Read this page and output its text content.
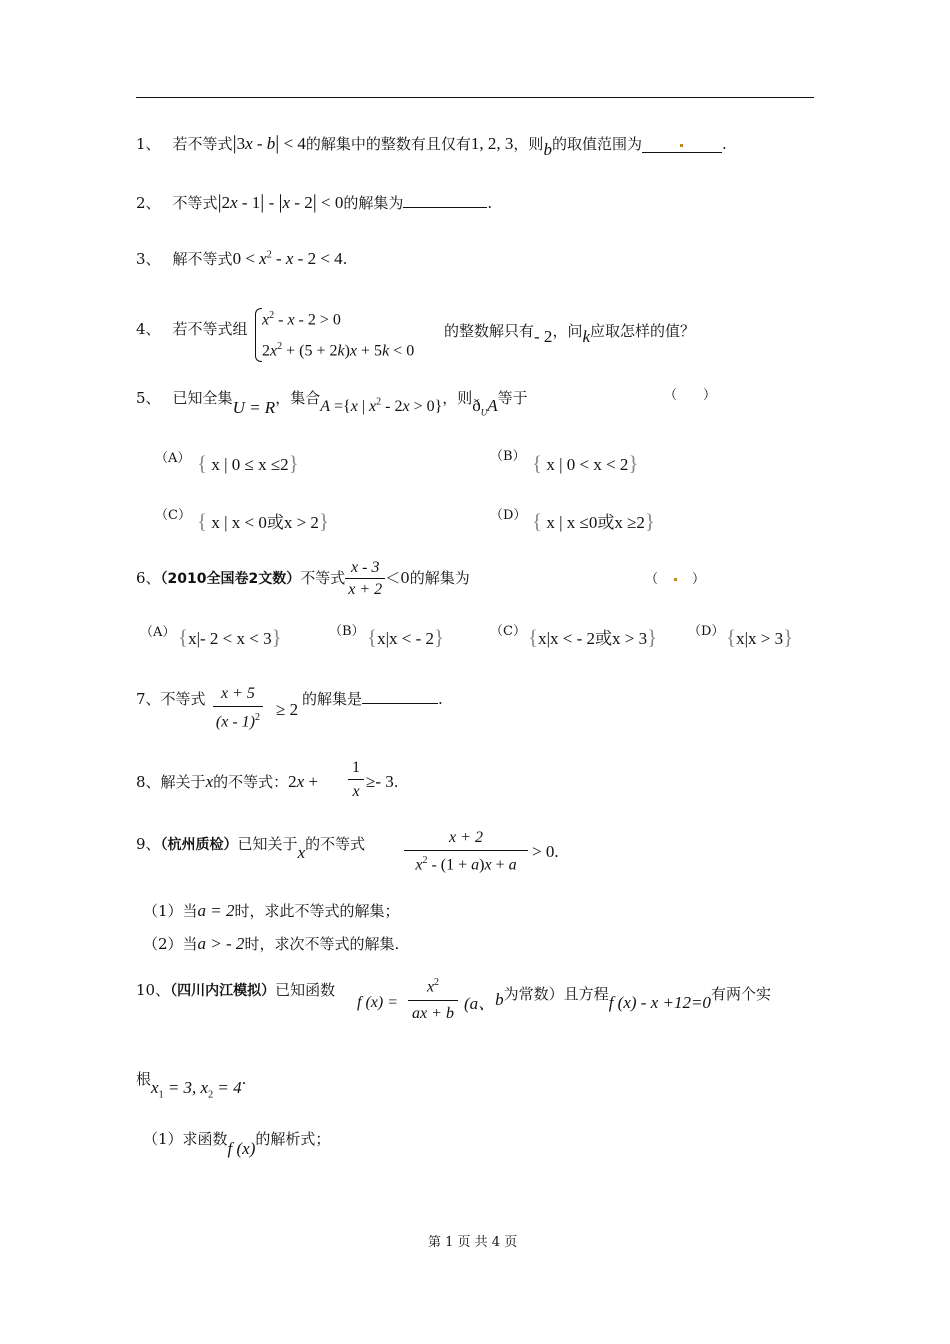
1、 若不等式|3x - b| < 4的解集中的整数有且仅有1, 2, 3，则b的取值范围为	.
2、 不等式|2x - 1| - |x - 2| < 0的解集为	.
3、 解不等式$0 < x^2 - x - 2 < 4$.
4、 若不等式组
$x^2 - x - 2 > 0$
$2x^2 + (5 + 2k)x + 5k < 0$
的整数解只有- 2，问k应取怎样的值？
5、 已知全集U = R，集合A ={x | $x^2 - 2x > 0$}，则$ð_UA$等于	（　　）
（A） { x | 0 ≤ x ≤2}	（B） { x | 0 < x < 2}
（C） { x | x < 0或x > 2}	（D） { x | x ≤0或x ≥2}
6、（2010全国卷2文数）不等式 $\frac{x - 3}{x + 2} <0$的解集为	（	）
（A） {x|- 2 < x < 3}	（B） {x|x < - 2}	（C） {x|x < - 2或x > 3} （D） {x|x > 3}
7、不等式 x + 5
(x - 1)$^2$ ≥ 2
的解集是	.
8、解关于x的不等式：2x +
1
x
≥- 3.
9、（杭州质检）已知关于x的不等式	x + 2
$x^2 - (1 + a)x + a$
> 0.
（1）当a = 2时，求此不等式的解集；
（2）当a > - 2时，求次不等式的解集.
10、（四川内江模拟）已知函数
f (x) =
$x^2$
ax + b
(a、b为常数）且方程f (x) - x +12=0有两个实
根$x_1 = 3$, $x_2 = 4$.
（1）求函数f (x)的解析式；
第 1 页 共 4 页
